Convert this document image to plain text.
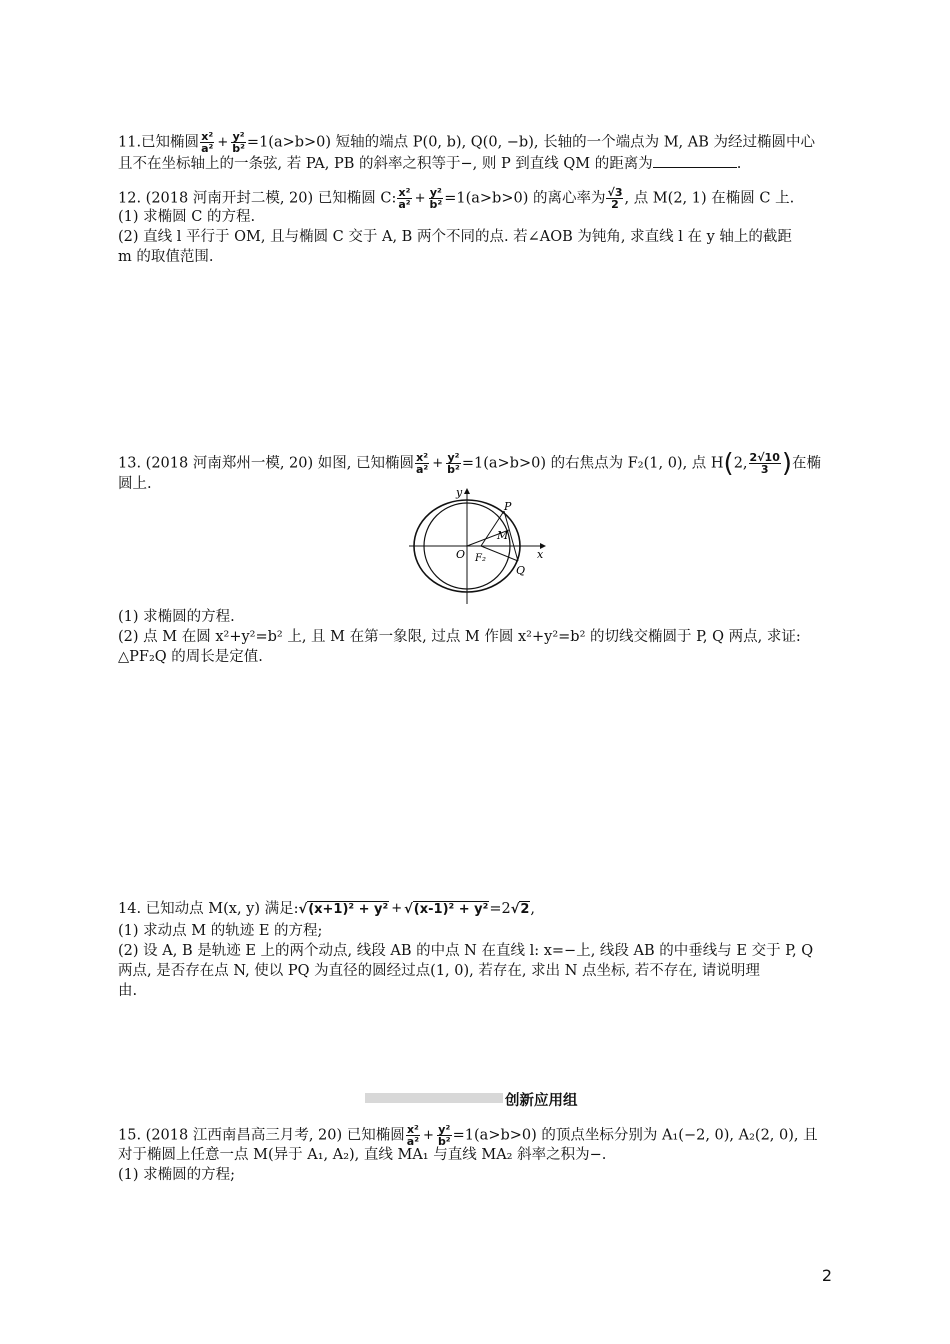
11.已知椭圆 $\frac{\text{x²}}{\text{a²}} + \frac{\text{y²}}{\text{b²}} =1(a>b>0)$ 短轴的端点 P(0, b), Q(0, −b), 长轴的一个端点为 M, AB 为经过椭圆中心
且不在坐标轴上的一条弦, 若 PA, PB 的斜率之积等于−, 则 P 到直线 QM 的距离为	.
12. (2018 河南开封二模, 20) 已知椭圆 C: $\frac{\text{x²}}{\text{a²}} + \frac{\text{y²}}{\text{b²}} =1(a>b>0)$ 的离心率为 $\frac{√3}{2}$ , 点 M(2, 1) 在椭圆 C 上.
(1) 求椭圆 C 的方程.
(2) 直线 l 平行于 OM, 且与椭圆 C 交于 A, B 两个不同的点. 若∠AOB 为钝角, 求直线 l 在 y 轴上的截距
m 的取值范围.
13. (2018 河南郑州一模, 20) 如图, 已知椭圆 $\frac{\text{x²}}{\text{a²}} + \frac{\text{y²}}{\text{b²}} =1(a>b>0)$ 的右焦点为 F₂(1, 0), 点 H(2, $\frac{2√10}{3}$ )在椭
圆上.
y
x
O F₂
P
M
Q
(1) 求椭圆的方程.
(2) 点 M 在圆 x²+y²=b² 上, 且 M 在第一象限, 过点 M 作圆 x²+y²=b² 的切线交椭圆于 P, Q 两点, 求证:
△PF₂Q 的周长是定值.
14. 已知动点 M(x, y) 满足:√(x+1)² + y² + √(x-1)² + y²=2√2,
(1) 求动点 M 的轨迹 E 的方程;
(2) 设 A, B 是轨迹 E 上的两个动点, 线段 AB 的中点 N 在直线 l: x=−上, 线段 AB 的中垂线与 E 交于 P, Q
两点, 是否存在点 N, 使以 PQ 为直径的圆经过点(1, 0), 若存在, 求出 N 点坐标, 若不存在, 请说明理
由.
创新应用组
15. (2018 江西南昌高三月考, 20) 已知椭圆 $\frac{\text{x²}}{\text{a²}} + \frac{\text{y²}}{\text{b²}} =1(a>b>0)$ 的顶点坐标分别为 A₁(−2, 0), A₂(2, 0), 且
对于椭圆上任意一点 M(异于 A₁, A₂), 直线 MA₁ 与直线 MA₂ 斜率之积为−.
(1) 求椭圆的方程;
2
